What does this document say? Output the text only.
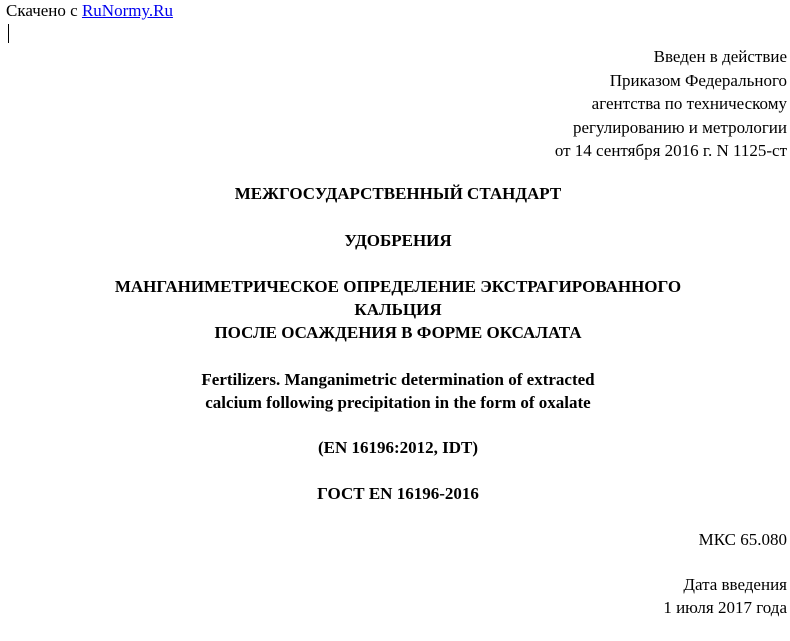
Скачено с RuNormy.Ru
Введен в действие
Приказом Федерального
агентства по техническому
регулированию и метрологии
от 14 сентября 2016 г. N 1125-ст
МЕЖГОСУДАРСТВЕННЫЙ СТАНДАРТ
УДОБРЕНИЯ
МАНГАНИМЕТРИЧЕСКОЕ ОПРЕДЕЛЕНИЕ ЭКСТРАГИРОВАННОГО
КАЛЬЦИЯ
ПОСЛЕ ОСАЖДЕНИЯ В ФОРМЕ ОКСАЛАТА
Fertilizers. Manganimetric determination of extracted
calcium following precipitation in the form of oxalate
(EN 16196:2012, IDT)
ГОСТ EN 16196-2016
МКС 65.080
Дата введения
1 июля 2017 года
